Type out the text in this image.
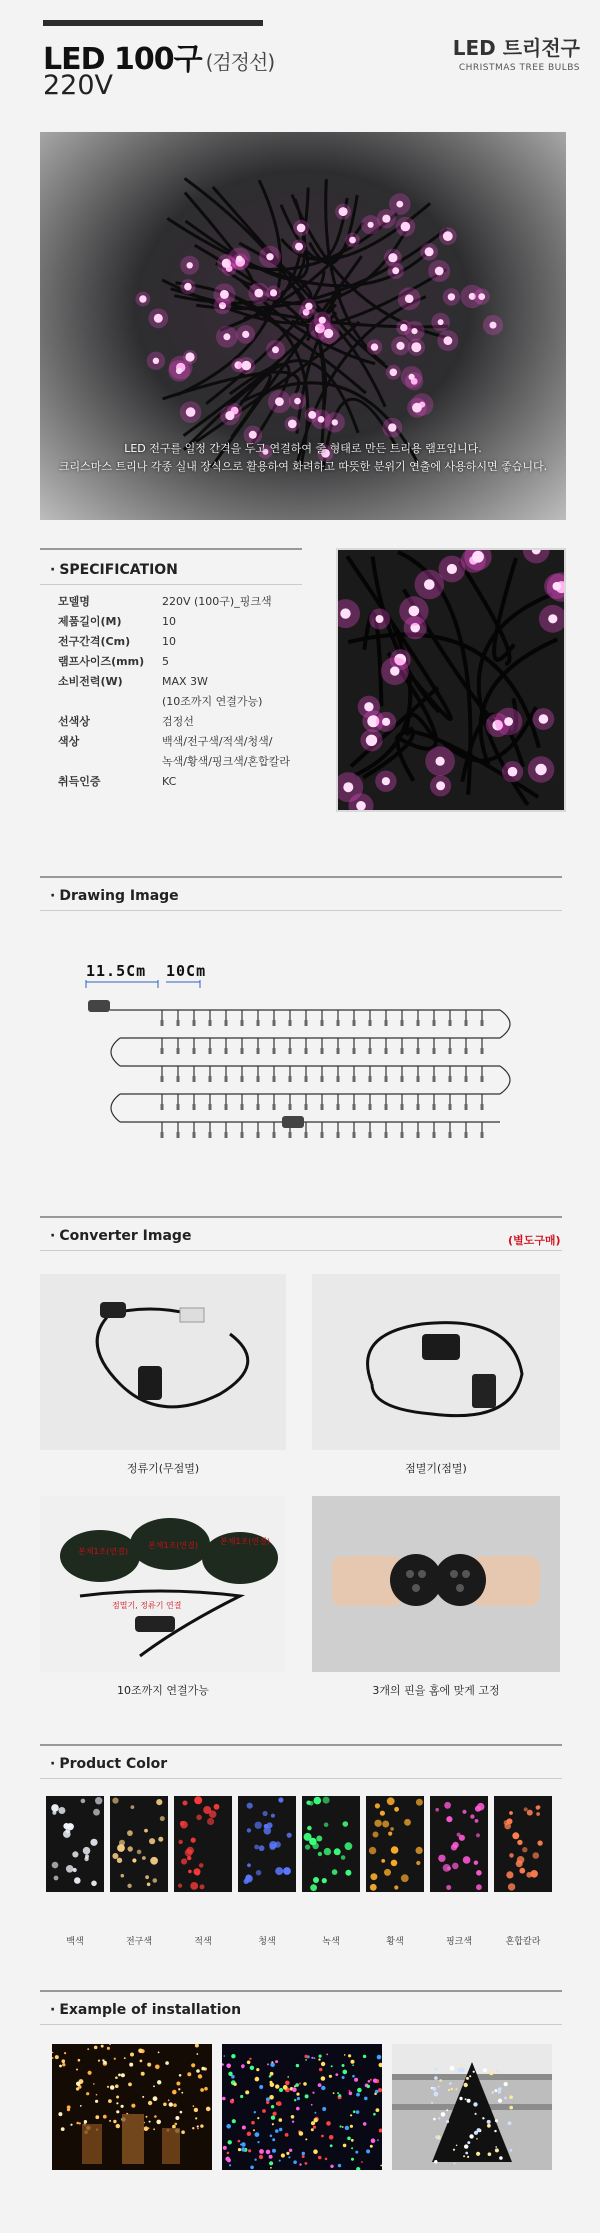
LED 100구 (검정선)
220V
LED 트리전구
CHRISTMAS TREE BULBS
LED 전구를 일정 간격을 두고 연결하여 줄 형태로 만든 트리용 램프입니다.
크리스마스 트리나 각종 실내 장식으로 활용하여 화려하고 따뜻한 분위기 연출에 사용하시면 좋습니다.
· SPECIFICATION
모델명	220V (100구)_핑크색
제품길이(M)	10
전구간격(Cm)	10
램프사이즈(mm)	5
소비전력(W)	MAX 3W
(10조까지 연결가능)
선색상	검정선
색상	백색/전구색/적색/청색/
녹색/황색/핑크색/혼합칼라
취득인증	KC
· Drawing Image
11.5Cm 10Cm
· Converter Image	(별도구매)
정류기(무점멸)	점멸기(점멸)
본체1조(연결)
본체1조(연결)	본체1조(연결)
점멸기, 정류기 연결
10조까지 연결가능	3개의 핀을 홈에 맞게 고정
· Product Color
백색	전구색	적색	청색	녹색	황색	핑크색	혼합칼라
· Example of installation
